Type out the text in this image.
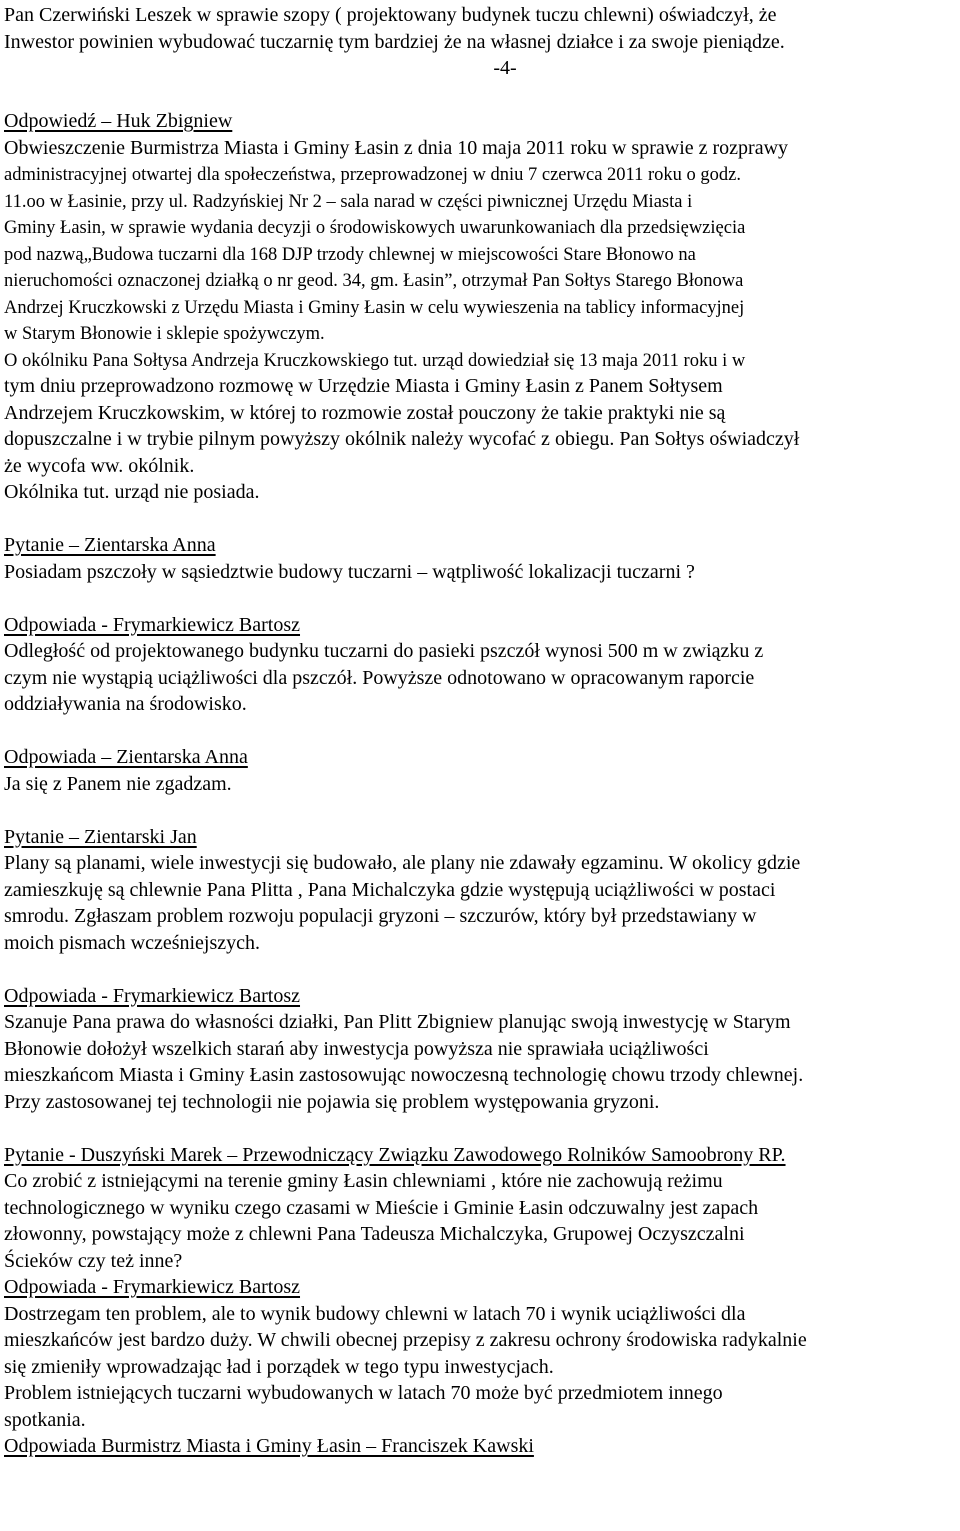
Pan Czerwiński Leszek w sprawie szopy ( projektowany budynek tuczu chlewni) oświadczył, że
Inwestor powinien wybudować tuczarnię tym bardziej że na własnej działce i za swoje pieniądze.
-4-
Odpowiedź – Huk Zbigniew
Obwieszczenie Burmistrza Miasta i Gminy Łasin z dnia 10 maja 2011 roku w sprawie z rozprawy
administracyjnej otwartej dla społeczeństwa, przeprowadzonej w dniu 7 czerwca 2011 roku o godz.
11.oo w Łasinie, przy ul. Radzyńskiej Nr 2 – sala narad w części piwnicznej Urzędu Miasta i
Gminy Łasin, w sprawie wydania decyzji o środowiskowych uwarunkowaniach dla przedsięwzięcia
pod nazwą„Budowa tuczarni dla 168 DJP trzody chlewnej w miejscowości Stare Błonowo na
nieruchomości oznaczonej działką o nr geod. 34, gm. Łasin”, otrzymał Pan Sołtys Starego Błonowa
Andrzej Kruczkowski z Urzędu Miasta i Gminy Łasin w celu wywieszenia na tablicy informacyjnej
w Starym Błonowie i sklepie spożywczym.
O okólniku Pana Sołtysa Andrzeja Kruczkowskiego tut. urząd dowiedział się 13 maja 2011 roku i w
tym dniu przeprowadzono rozmowę w Urzędzie Miasta i Gminy Łasin z Panem Sołtysem
Andrzejem Kruczkowskim, w której to rozmowie został pouczony że takie praktyki nie są
dopuszczalne i w trybie pilnym powyższy okólnik należy wycofać z obiegu. Pan Sołtys oświadczył
że wycofa ww. okólnik.
Okólnika tut. urząd nie posiada.
Pytanie – Zientarska Anna
Posiadam pszczoły w sąsiedztwie budowy tuczarni – wątpliwość lokalizacji tuczarni ?
Odpowiada - Frymarkiewicz Bartosz
Odległość od projektowanego budynku tuczarni do pasieki pszczół wynosi 500 m w związku z
czym nie wystąpią uciążliwości dla pszczół. Powyższe odnotowano w opracowanym raporcie
oddziaływania na środowisko.
Odpowiada – Zientarska Anna
Ja się z Panem nie zgadzam.
Pytanie – Zientarski Jan
Plany są planami, wiele inwestycji się budowało, ale plany nie zdawały egzaminu. W okolicy gdzie
zamieszkuję są chlewnie Pana Plitta , Pana Michalczyka gdzie występują uciążliwości w postaci
smrodu. Zgłaszam problem rozwoju populacji gryzoni – szczurów, który był przedstawiany w
moich pismach wcześniejszych.
Odpowiada - Frymarkiewicz Bartosz
Szanuje Pana prawa do własności działki, Pan Plitt Zbigniew planując swoją inwestycję w Starym
Błonowie dołożył wszelkich starań aby inwestycja powyższa nie sprawiała uciążliwości
mieszkańcom Miasta i Gminy Łasin zastosowując nowoczesną technologię chowu trzody chlewnej.
Przy zastosowanej tej technologii nie pojawia się problem występowania gryzoni.
Pytanie - Duszyński Marek – Przewodniczący Związku Zawodowego Rolników Samoobrony RP.
Co zrobić z istniejącymi na terenie gminy Łasin chlewniami , które nie zachowują reżimu
technologicznego w wyniku czego czasami w Mieście i Gminie Łasin odczuwalny jest zapach
złowonny, powstający może z chlewni Pana Tadeusza Michalczyka, Grupowej Oczyszczalni
Ścieków czy też inne?
Odpowiada - Frymarkiewicz Bartosz
Dostrzegam ten problem, ale to wynik budowy chlewni w latach 70 i wynik uciążliwości dla
mieszkańców jest bardzo duży. W chwili obecnej przepisy z zakresu ochrony środowiska radykalnie
się zmieniły wprowadzając ład i porządek w tego typu inwestycjach.
Problem istniejących tuczarni wybudowanych w latach 70 może być przedmiotem innego
spotkania.
Odpowiada Burmistrz Miasta i Gminy Łasin – Franciszek Kawski
